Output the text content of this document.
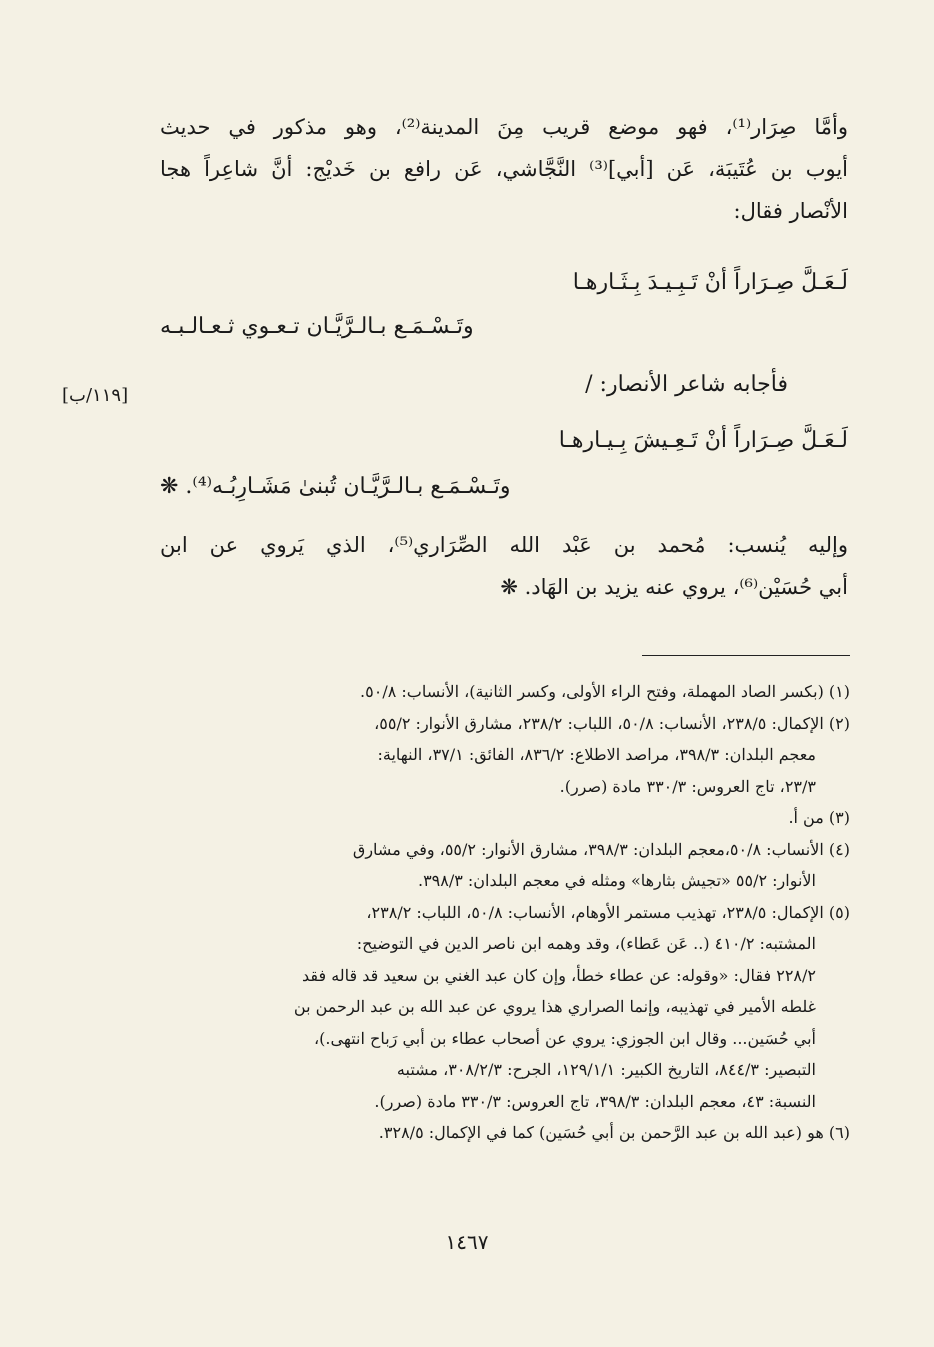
وأمَّا صِرَار⁽¹⁾، فهو موضع قريب مِنَ المدينة⁽²⁾، وهو مذكور في حديث
أيوب بن عُتَيبَة، عَن [أبي]⁽³⁾ النَّجَّاشي، عَن رافع بن خَديْج: أنَّ شاعِراً هجا
الأنْصار فقال:
لَـعَـلَّ صِـرَاراً أنْ تَـبِـيـدَ بِـثَـارهـا
وتَـسْـمَـع بـالـرَّيَّـان تـعـوي ثـعـالـبـه
فأجابه شاعر الأنصار: /
[١١٩/ب]
لَـعَـلَّ صِـرَاراً أنْ تَـعِـيشَ بِـيـارهـا
وتَـسْـمَـع بـالـرَّيَّـان تُبنىٰ مَشَـارِبُـه⁽⁴⁾. ❋
وإليه يُنسب: مُحمد بن عَبْد الله الصِّرَاري⁽⁵⁾، الذي يَروي عن ابن
أبي حُسَيْن⁽⁶⁾، يروي عنه يزيد بن الهَاد. ❋
(١) (بكسر الصاد المهملة، وفتح الراء الأولى، وكسر الثانية)، الأنساب: ٥٠/٨.
(٢) الإكمال: ٢٣٨/٥، الأنساب: ٥٠/٨، اللباب: ٢٣٨/٢، مشارق الأنوار: ٥٥/٢،
معجم البلدان: ٣٩٨/٣، مراصد الاطلاع: ٨٣٦/٢، الفائق: ٣٧/١، النهاية:
٢٣/٣، تاج العروس: ٣٣٠/٣ مادة (صرر).
(٣) من أ.
(٤) الأنساب: ٥٠/٨،معجم البلدان: ٣٩٨/٣، مشارق الأنوار: ٥٥/٢، وفي مشارق
الأنوار: ٥٥/٢ «تجيش بثارها» ومثله في معجم البلدان: ٣٩٨/٣.
(٥) الإكمال: ٢٣٨/٥، تهذيب مستمر الأوهام، الأنساب: ٥٠/٨، اللباب: ٢٣٨/٢،
المشتبه: ٤١٠/٢ (.. عَن عَطاء)، وقد وهمه ابن ناصر الدين في التوضيح:
٢٢٨/٢ فقال: «وقوله: عن عطاء خطأ، وإن كان عبد الغني بن سعيد قد قاله فقد
غلطه الأمير في تهذيبه، وإنما الصراري هذا يروي عن عبد الله بن عبد الرحمن بن
أبي حُسَين... وقال ابن الجوزي: يروي عن أصحاب عطاء بن أبي رَباح انتهى.)،
التبصير: ٨٤٤/٣، التاريخ الكبير: ١٢٩/١/١، الجرح: ٣٠٨/٢/٣، مشتبه
النسبة: ٤٣، معجم البلدان: ٣٩٨/٣، تاج العروس: ٣٣٠/٣ مادة (صرر).
(٦) هو (عبد الله بن عبد الرَّحمن بن أبي حُسَين) كما في الإكمال: ٣٢٨/٥.
١٤٦٧
